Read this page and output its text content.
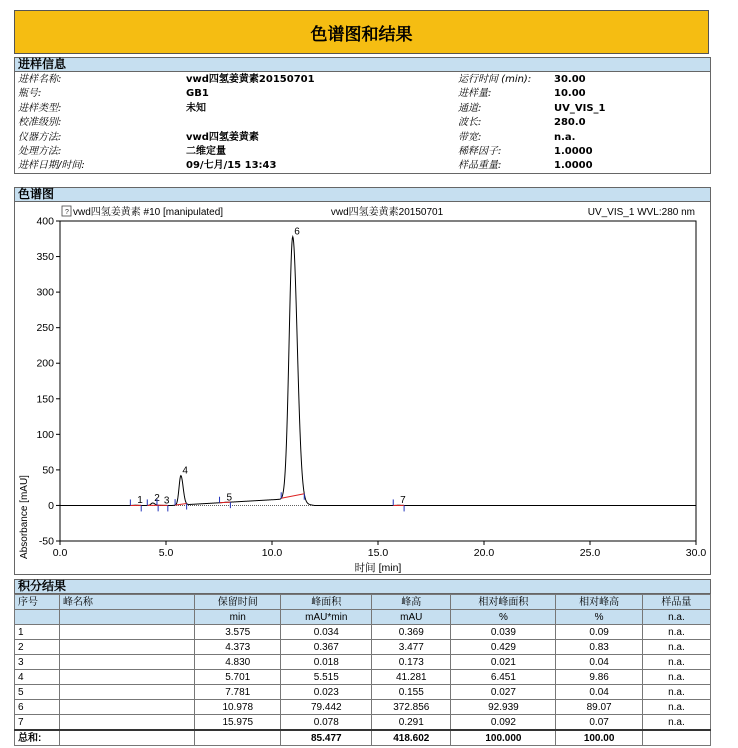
色谱图和结果
进样信息
进样名称:	vwd四氢姜黄素20150701
瓶号:	GB1
进样类型:	未知
校准级别:
仪器方法:	vwd四氢姜黄素
处理方法:	二维定量
进样日期/时间:	09/七月/15 13:43
运行时间 (min):	30.00
进样量:	10.00
通道:	UV_VIS_1
波长:	280.0
带宽:	n.a.
稀释因子:	1.0000
样品重量:	1.0000
色谱图
? vwd四氢姜黄素 #10 [manipulated]	vwd四氢姜黄素20150701	UV_VIS_1 WVL:280 nm
-50
0
50
100
150
200
250
300
350
400
0.0	5.0	10.0	15.0	20.0	25.0	30.0
1 2 3
4
5
6
7
时间 [min]
Absorbance [mAU]
积分结果
序号	峰名称	保留时间	峰面积	峰高	相对峰面积	相对峰高	样品量
		min	mAU*min	mAU	%	%	n.a.
1		3.575	0.034	0.369	0.039	0.09	n.a.
2		4.373	0.367	3.477	0.429	0.83	n.a.
3		4.830	0.018	0.173	0.021	0.04	n.a.
4		5.701	5.515	41.281	6.451	9.86	n.a.
5		7.781	0.023	0.155	0.027	0.04	n.a.
6		10.978	79.442	372.856	92.939	89.07	n.a.
7		15.975	0.078	0.291	0.092	0.07	n.a.
总和:			85.477	418.602	100.000	100.00	
